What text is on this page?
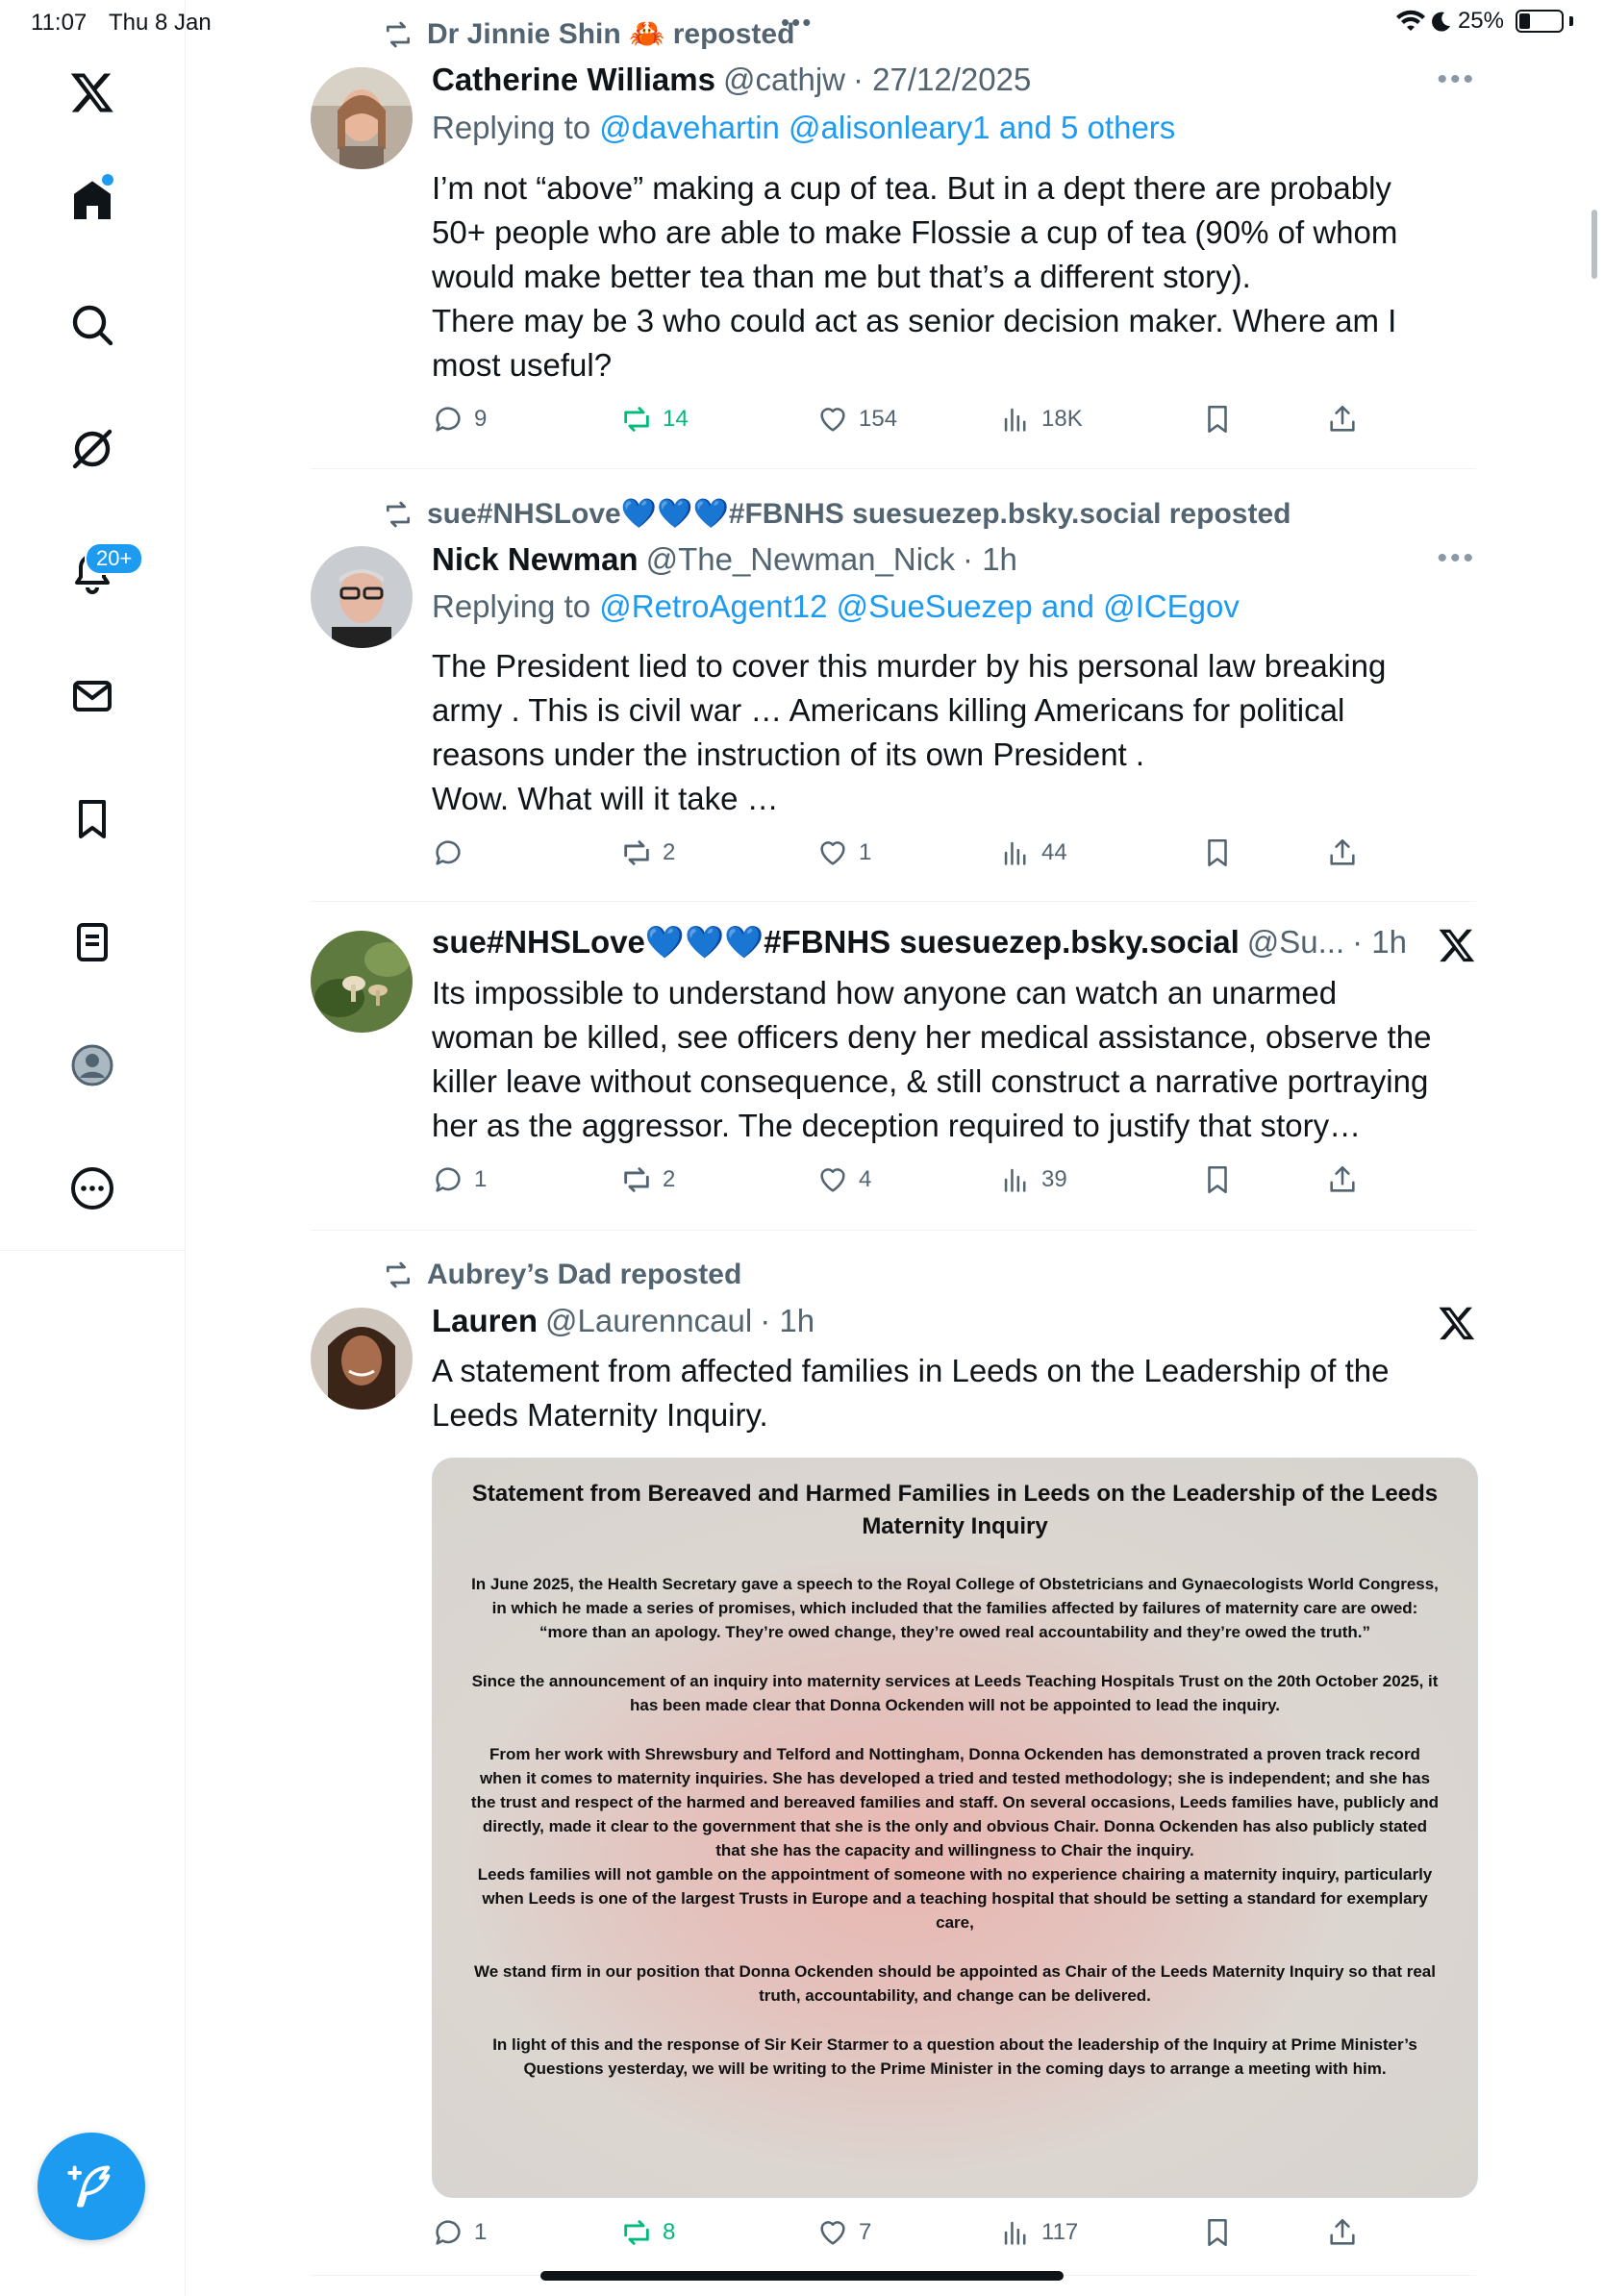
11:07 Thu 8 Jan	•••	25%
20+
Dr Jinnie Shin 🦀 reposted
Catherine Williams @cathjw · 27/12/2025	•••
Replying to @davehartin @alisonleary1 and 5 others
I’m not “above” making a cup of tea. But in a dept there are probably
50+ people who are able to make Flossie a cup of tea (90% of whom
would make better tea than me but that’s a different story).
There may be 3 who could act as senior decision maker. Where am I
most useful?
9	14	154	18K
sue#NHSLove💙💙💙#FBNHS suesuezep.bsky.social reposted
Nick Newman @The_Newman_Nick · 1h	•••
Replying to @RetroAgent12 @SueSuezep and @ICEgov
The President lied to cover this murder by his personal law breaking
army . This is civil war … Americans killing Americans for political
reasons under the instruction of its own President .
Wow. What will it take …
2	1	44
sue#NHSLove💙💙💙#FBNHS suesuezep.bsky.social @Su... · 1h
Its impossible to understand how anyone can watch an unarmed
woman be killed, see officers deny her medical assistance, observe the
killer leave without consequence, & still construct a narrative portraying
her as the aggressor. The deception required to justify that story…
1	2	4	39
Aubrey’s Dad reposted
Lauren @Laurenncaul · 1h
A statement from affected families in Leeds on the Leadership of the
Leeds Maternity Inquiry.
Statement from Bereaved and Harmed Families in Leeds on the Leadership of the Leeds Maternity Inquiry
In June 2025, the Health Secretary gave a speech to the Royal College of Obstetricians and Gynaecologists World Congress, in which he made a series of promises, which included that the families affected by failures of maternity care are owed: “more than an apology. They’re owed change, they’re owed real accountability and they’re owed the truth.”
Since the announcement of an inquiry into maternity services at Leeds Teaching Hospitals Trust on the 20th October 2025, it has been made clear that Donna Ockenden will not be appointed to lead the inquiry.
From her work with Shrewsbury and Telford and Nottingham, Donna Ockenden has demonstrated a proven track record when it comes to maternity inquiries. She has developed a tried and tested methodology; she is independent; and she has the trust and respect of the harmed and bereaved families and staff. On several occasions, Leeds families have, publicly and directly, made it clear to the government that she is the only and obvious Chair. Donna Ockenden has also publicly stated that she has the capacity and willingness to Chair the inquiry.
Leeds families will not gamble on the appointment of someone with no experience chairing a maternity inquiry, particularly when Leeds is one of the largest Trusts in Europe and a teaching hospital that should be setting a standard for exemplary care,
We stand firm in our position that Donna Ockenden should be appointed as Chair of the Leeds Maternity Inquiry so that real truth, accountability, and change can be delivered.
In light of this and the response of Sir Keir Starmer to a question about the leadership of the Inquiry at Prime Minister’s Questions yesterday, we will be writing to the Prime Minister in the coming days to arrange a meeting with him.
1	8	7	117
